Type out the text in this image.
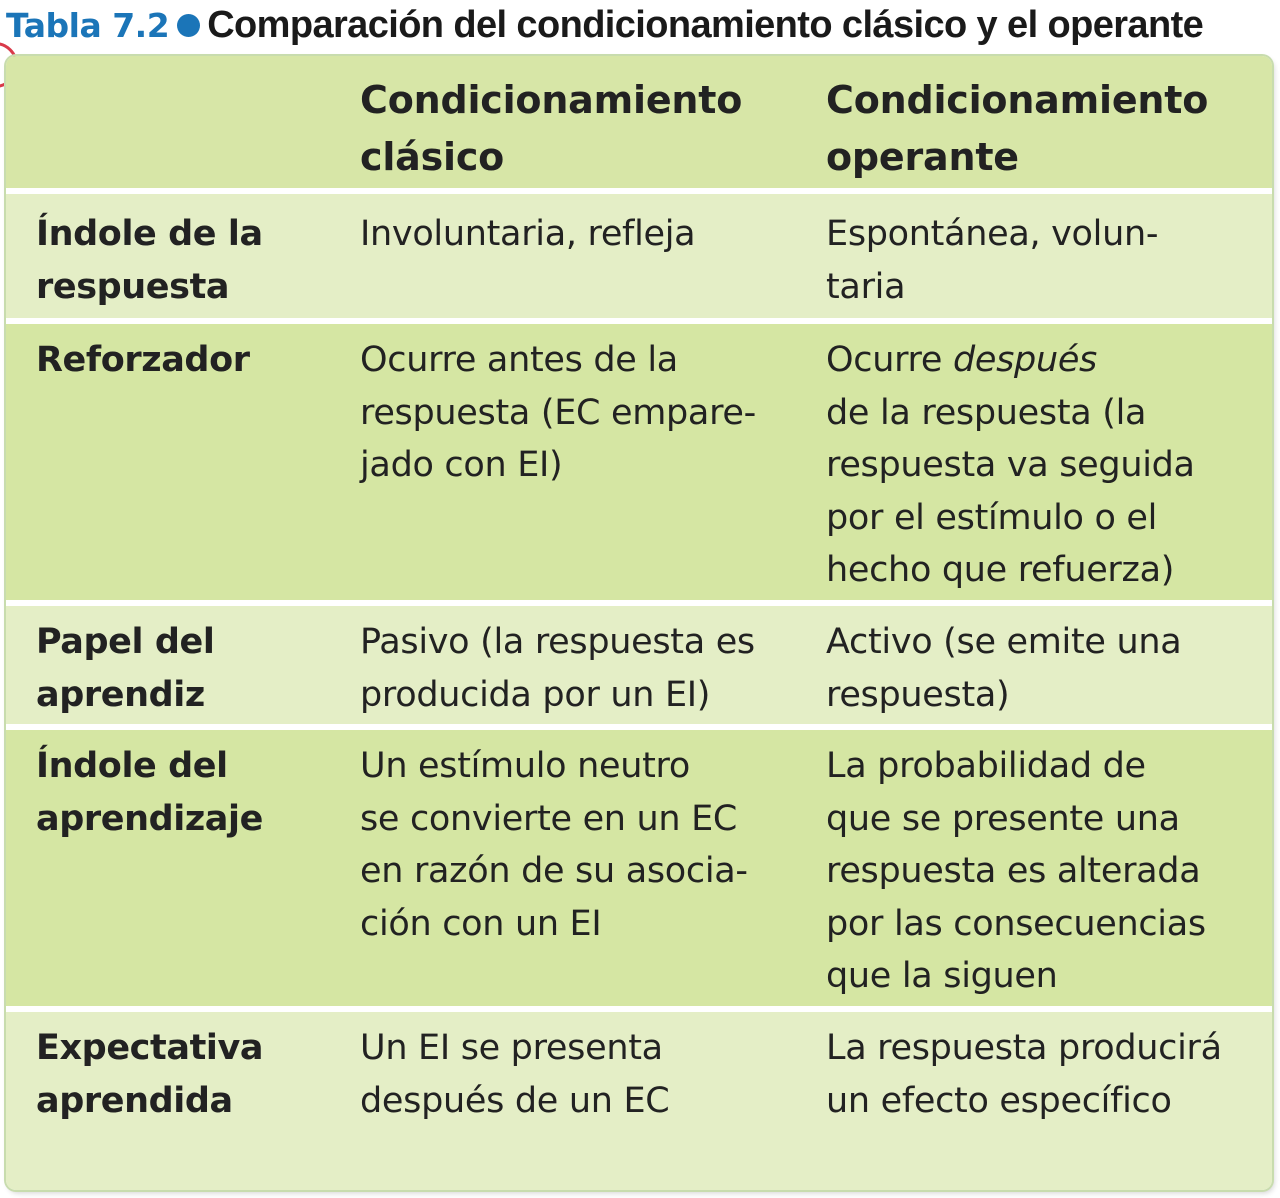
Tabla 7.2 Comparación del condicionamiento clásico y el operante
Condicionamiento
clásico
Condicionamiento
operante
Índole de la
respuesta
Involuntaria, refleja	Espontánea, volun-
taria
Reforzador	Ocurre antes de la
respuesta (EC empare-
jado con EI)
Ocurre después
de la respuesta (la
respuesta va seguida
por el estímulo o el
hecho que refuerza)
Papel del
aprendiz
Pasivo (la respuesta es
producida por un EI)
Activo (se emite una
respuesta)
Índole del
aprendizaje
Un estímulo neutro
se convierte en un EC
en razón de su asocia-
ción con un EI
La probabilidad de
que se presente una
respuesta es alterada
por las consecuencias
que la siguen
Expectativa
aprendida
Un EI se presenta
después de un EC
La respuesta producirá
un efecto específico
